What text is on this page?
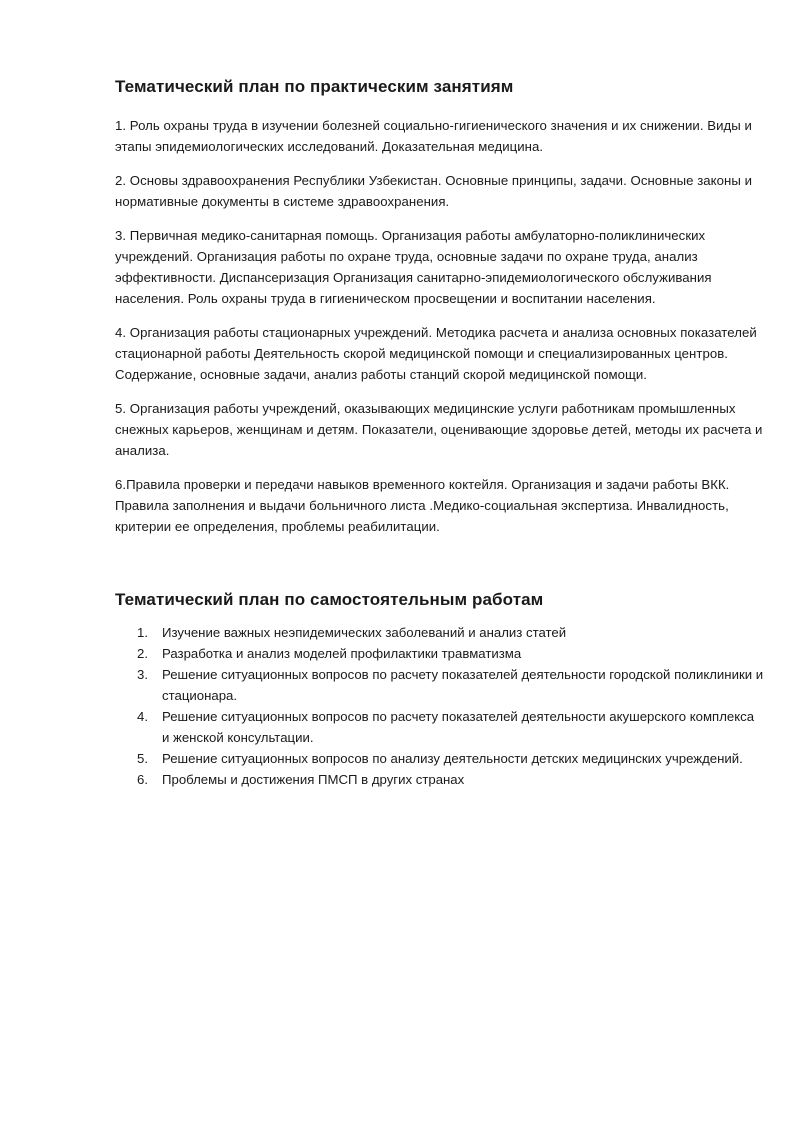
Тематический план по практическим занятиям

1. Роль охраны труда в изучении болезней социально-гигиенического значения и их снижении. Виды и этапы эпидемиологических исследований. Доказательная медицина.

2. Основы здравоохранения Республики Узбекистан. Основные принципы, задачи. Основные законы и нормативные документы в системе здравоохранения.

3. Первичная медико-санитарная помощь. Организация работы амбулаторно-поликлинических учреждений. Организация работы по охране труда, основные задачи по охране труда, анализ эффективности. Диспансеризация Организация санитарно-эпидемиологического обслуживания населения. Роль охраны труда в гигиеническом просвещении и воспитании населения.

4. Организация работы стационарных учреждений. Методика расчета и анализа основных показателей стационарной работы Деятельность скорой медицинской помощи и специализированных центров. Содержание, основные задачи, анализ работы станций скорой медицинской помощи.

5. Организация работы учреждений, оказывающих медицинские услуги работникам промышленных снежных карьеров, женщинам и детям. Показатели, оценивающие здоровье детей, методы их расчета и анализа.

6.Правила проверки и передачи навыков временного коктейля. Организация и задачи работы ВКК. Правила заполнения и выдачи больничного листа .Медико-социальная экспертиза. Инвалидность, критерии ее определения, проблемы реабилитации.

Тематический план по самостоятельным работам
1.	Изучение важных неэпидемических заболеваний и анализ статей
2.	Разработка и анализ моделей профилактики травматизма
3.	Решение ситуационных вопросов по расчету показателей деятельности городской поликлиники и стационара.
4.	Решение ситуационных вопросов по расчету показателей деятельности акушерского комплекса и женской консультации.
5.	Решение ситуационных вопросов по анализу деятельности детских медицинских учреждений.
6.	Проблемы и достижения ПМСП в других странах
